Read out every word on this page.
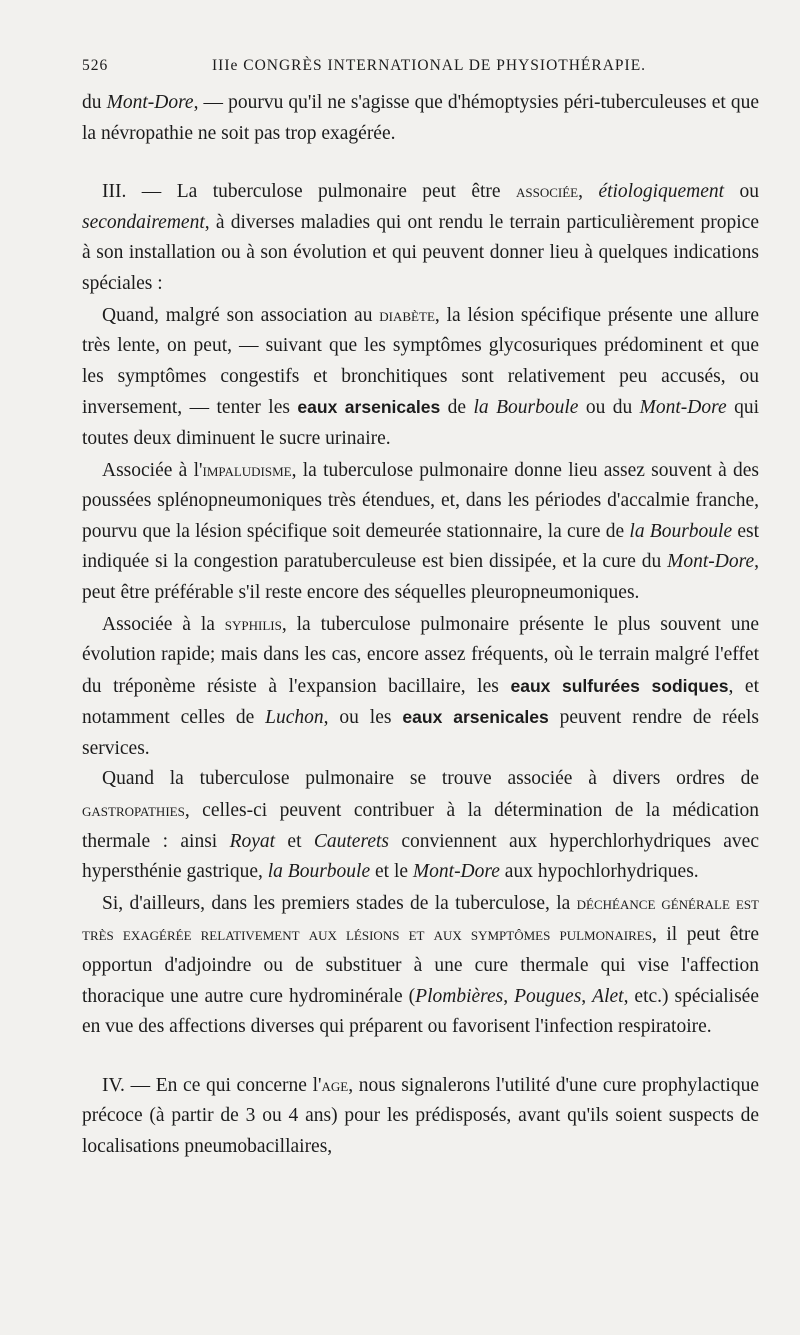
526	IIIe CONGRÈS INTERNATIONAL DE PHYSIOTHÉRAPIE.

du Mont-Dore, — pourvu qu'il ne s'agisse que d'hémoptysies péri-tuberculeuses et que la névropathie ne soit pas trop exagérée.

III. — La tuberculose pulmonaire peut être associée, étiologiquement ou secondairement, à diverses maladies qui ont rendu le terrain particulièrement propice à son installation ou à son évolution et qui peuvent donner lieu à quelques indications spéciales :

Quand, malgré son association au diabète, la lésion spécifique présente une allure très lente, on peut, — suivant que les symptômes glycosuriques prédominent et que les symptômes congestifs et bronchitiques sont relativement peu accusés, ou inversement, — tenter les eaux arsenicales de la Bourboule ou du Mont-Dore qui toutes deux diminuent le sucre urinaire.

Associée à l'impaludisme, la tuberculose pulmonaire donne lieu assez souvent à des poussées splénopneumoniques très étendues, et, dans les périodes d'accalmie franche, pourvu que la lésion spécifique soit demeurée stationnaire, la cure de la Bourboule est indiquée si la congestion paratuberculeuse est bien dissipée, et la cure du Mont-Dore, peut être préférable s'il reste encore des séquelles pleuropneumoniques.

Associée à la syphilis, la tuberculose pulmonaire présente le plus souvent une évolution rapide; mais dans les cas, encore assez fréquents, où le terrain malgré l'effet du tréponème résiste à l'expansion bacillaire, les eaux sulfurées sodiques, et notamment celles de Luchon, ou les eaux arsenicales peuvent rendre de réels services.

Quand la tuberculose pulmonaire se trouve associée à divers ordres de gastropathies, celles-ci peuvent contribuer à la détermination de la médication thermale : ainsi Royat et Cauterets conviennent aux hyperchlorhydriques avec hypersthénie gastrique, la Bourboule et le Mont-Dore aux hypochlorhydriques.

Si, d'ailleurs, dans les premiers stades de la tuberculose, la déchéance générale est très exagérée relativement aux lésions et aux symptômes pulmonaires, il peut être opportun d'adjoindre ou de substituer à une cure thermale qui vise l'affection thoracique une autre cure hydrominérale (Plombières, Pougues, Alet, etc.) spécialisée en vue des affections diverses qui préparent ou favorisent l'infection respiratoire.

IV. — En ce qui concerne l'age, nous signalerons l'utilité d'une cure prophylactique précoce (à partir de 3 ou 4 ans) pour les prédisposés, avant qu'ils soient suspects de localisations pneumobacillaires,
